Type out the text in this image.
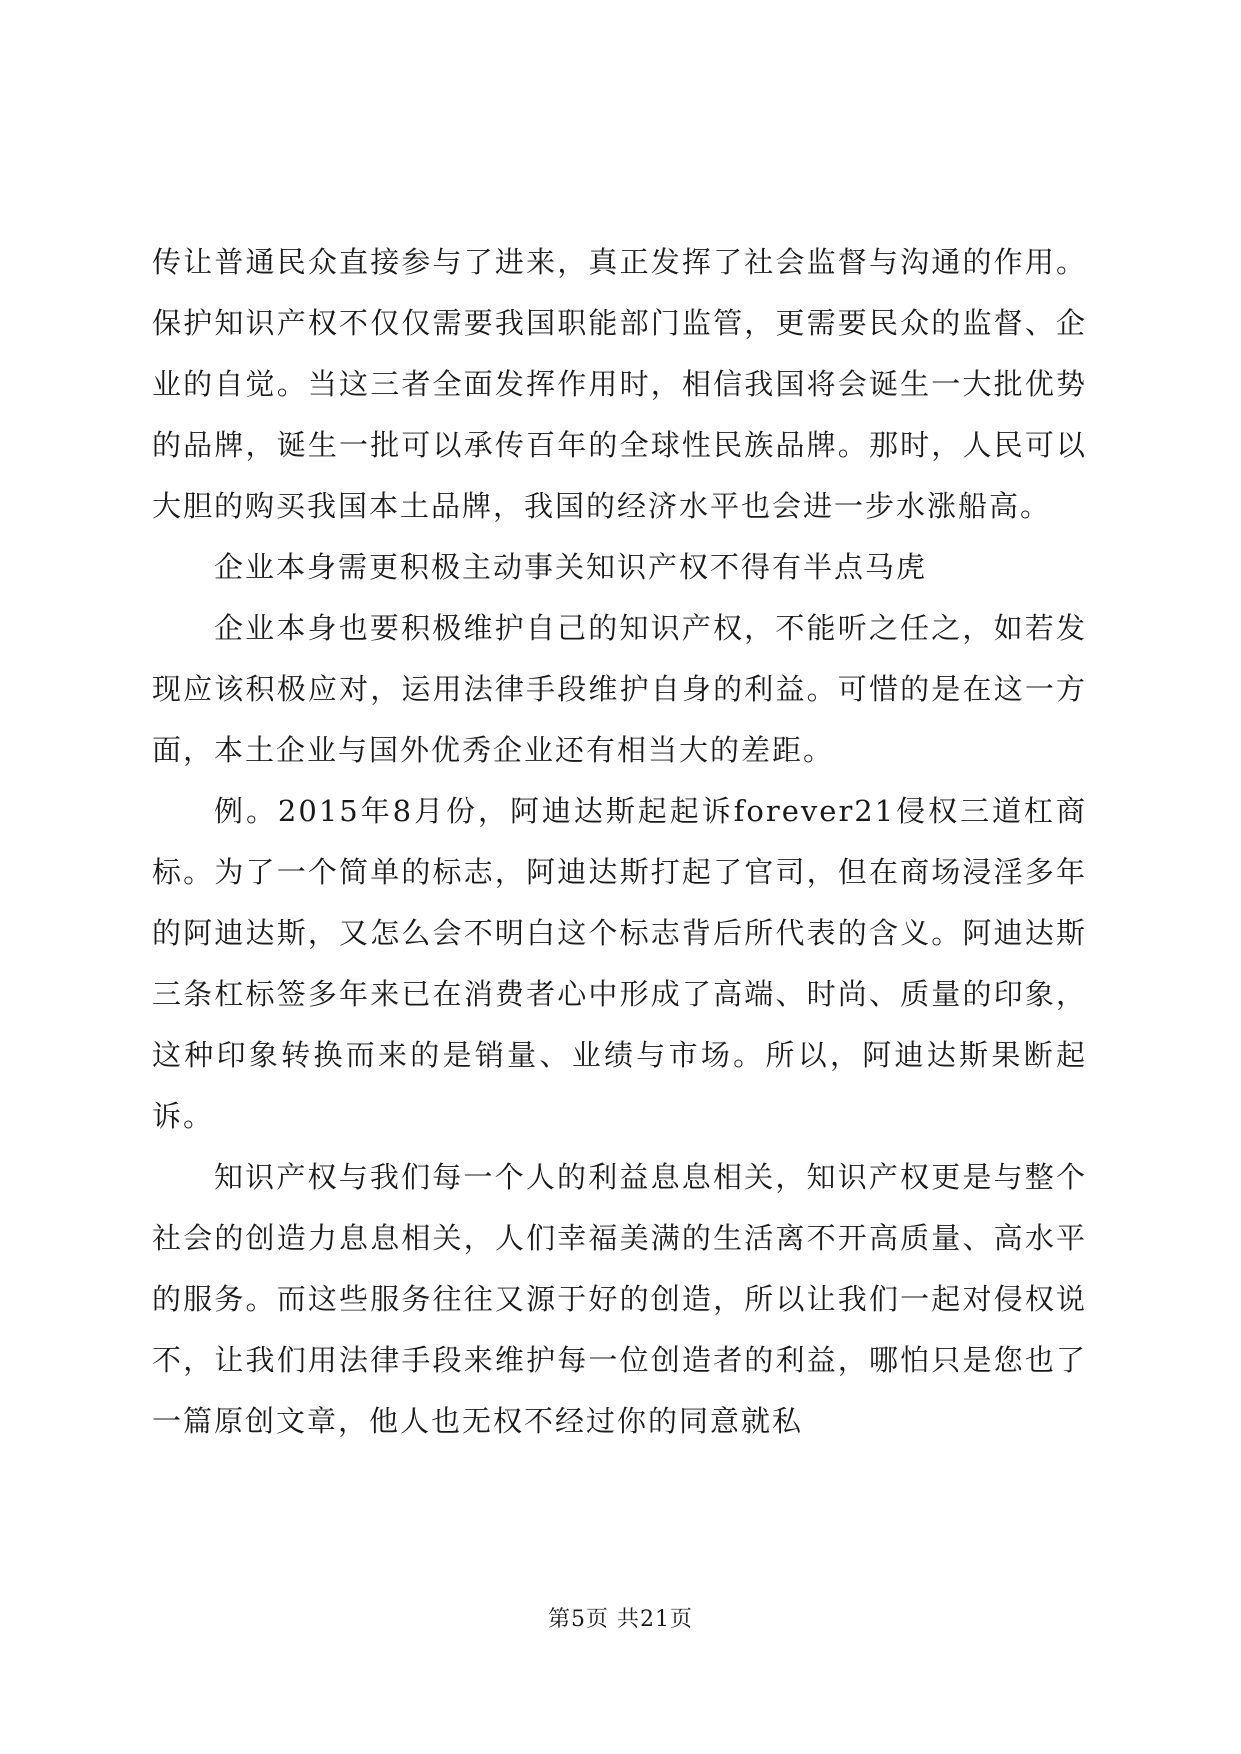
传让普通民众直接参与了进来，真正发挥了社会监督与沟通的作用。保护知识产权不仅仅需要我国职能部门监管，更需要民众的监督、企业的自觉。当这三者全面发挥作用时，相信我国将会诞生一大批优势的品牌，诞生一批可以承传百年的全球性民族品牌。那时，人民可以大胆的购买我国本土品牌，我国的经济水平也会进一步水涨船高。

企业本身需更积极主动事关知识产权不得有半点马虎

企业本身也要积极维护自己的知识产权，不能听之任之，如若发现应该积极应对，运用法律手段维护自身的利益。可惜的是在这一方面，本土企业与国外优秀企业还有相当大的差距。

例。2015年8月份，阿迪达斯起起诉forever21侵权三道杠商标。为了一个简单的标志，阿迪达斯打起了官司，但在商场浸淫多年的阿迪达斯，又怎么会不明白这个标志背后所代表的含义。阿迪达斯三条杠标签多年来已在消费者心中形成了高端、时尚、质量的印象，这种印象转换而来的是销量、业绩与市场。所以，阿迪达斯果断起诉。

知识产权与我们每一个人的利益息息相关，知识产权更是与整个社会的创造力息息相关，人们幸福美满的生活离不开高质量、高水平的服务。而这些服务往往又源于好的创造，所以让我们一起对侵权说不，让我们用法律手段来维护每一位创造者的利益，哪怕只是您也了一篇原创文章，他人也无权不经过你的同意就私

第5页 共21页
